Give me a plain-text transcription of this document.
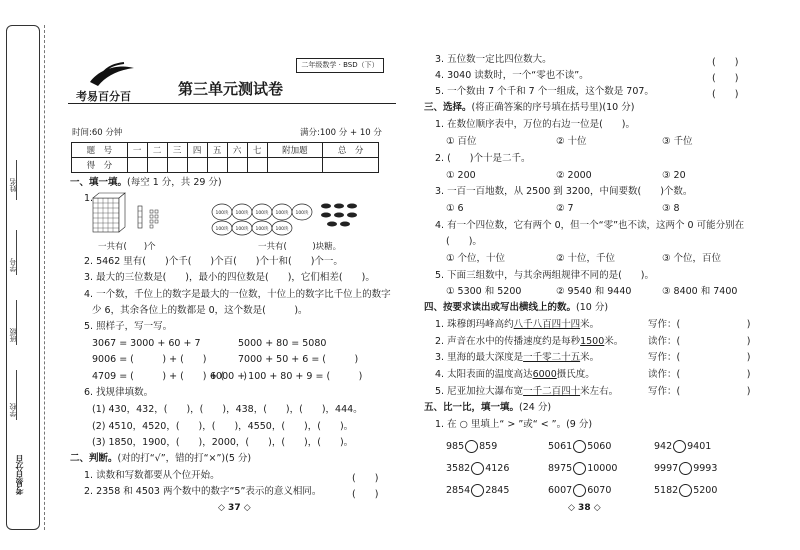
姓名
学号
班级
学校
考易百分百
考易百分百	第三单元测试卷
二年级数学 · BSD（下）
时间:60 分钟	满分:100 分 + 10 分
题　号	一	二	三	四	五	六	七	附加题	总　分
得　分									
一、填一填。(每空 1 分，共 29 分)
1.
100块 100块 100块 100块 100块
100块 100块 100块 100块
一共有(　　)个	一共有(　　　)块糖。
2. 5462 里有(　　)个千(　　)个百(　　)个十和(　　)个一。
3. 最大的三位数是(　　)，最小的四位数是(　　)，它们相差(　　)。
4. 一个数，千位上的数字是最大的一位数，十位上的数字比千位上的数字
少 6，其余各位上的数都是 0，这个数是(　　　)。
5. 照样子，写一写。
3067 = 3000 + 60 + 7	5000 + 80 = 5080
9006 = (　　　) + (　　)	7000 + 50 + 6 = (　　　)
4709 = (　　　) + (　　) + (　　)
6000 + 100 + 80 + 9 = (　　　)
6. 找规律填数。
(1) 430，432，(　　)，(　　)，438，(　　)，(　　)，444。
(2) 4510，4520，(　　)，(　　)，4550，(　　)，(　　)。
(3) 1850，1900，(　　)，2000，(　　)，(　　)，(　　)。
二、判断。(对的打“√”，错的打“×”)(5 分)
1. 读数和写数都要从个位开始。	(　　)
2. 2358 和 4503 两个数中的数字“5”表示的意义相同。	(　　)
◇ 37 ◇
3. 五位数一定比四位数大。	(　　)
4. 3040 读数时，一个“零也不读”。	(　　)
5. 一个数由 7 个千和 7 个一组成，这个数是 707。	(　　)
三、选择。(将正确答案的序号填在括号里)(10 分)
1. 在数位顺序表中，万位的右边一位是(　　)。
① 百位	② 十位	③ 千位
2. (　　)个十是二千。
① 200	② 2000	③ 20
3. 一百一百地数，从 2500 到 3200，中间要数(　　)个数。
① 6	② 7	③ 8
4. 有一个四位数，它有两个 0，但一个“零”也不读，这两个 0 可能分别在
(　　)。
① 个位，十位	② 十位，千位	③ 个位，百位
5. 下面三组数中，与其余两组规律不同的是(　　)。
① 5300 和 5200	② 9540 和 9440	③ 8400 和 7400
四、按要求读出或写出横线上的数。(10 分)
1. 珠穆朗玛峰高约八千八百四十四米。	写作：(　　　　　　　)
2. 声音在水中的传播速度约是每秒1500米。	读作：(　　　　　　　)
3. 里海的最大深度是一千零二十五米。	写作：(　　　　　　　)
4. 太阳表面的温度高达6000摄氏度。	读作：(　　　　　　　)
5. 尼亚加拉大瀑布宽一千二百四十米左右。	写作：(　　　　　　　)
五、比一比，填一填。(24 分)
1. 在 ○ 里填上“ > ”或“ < ”。(9 分)
985 859	5061 5060	942 9401
3582 4126	8975 10000	9997 9993
2854 2845	6007 6070	5182 5200
◇ 38 ◇
